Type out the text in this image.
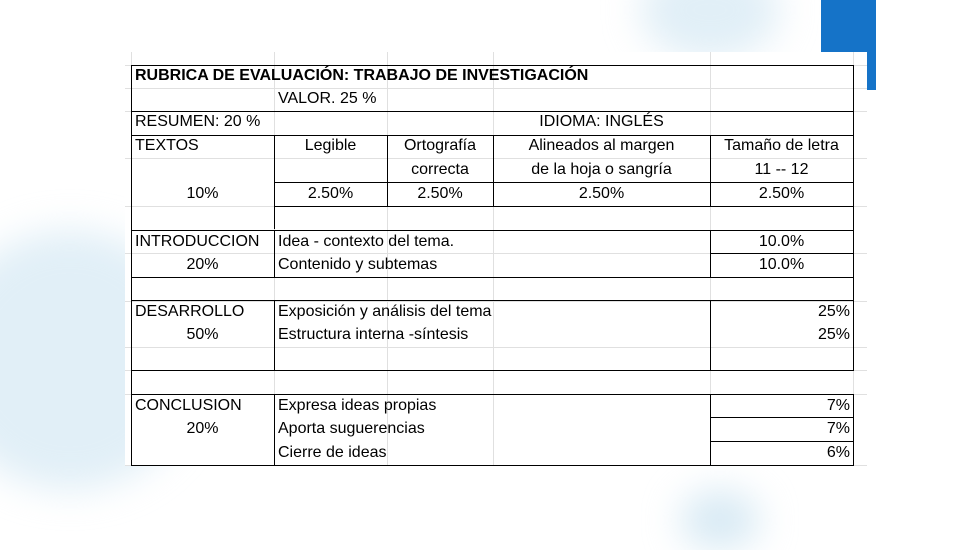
RUBRICA DE EVALUACIÓN: TRABAJO DE INVESTIGACIÓN
VALOR. 25 %
RESUMEN: 20 %	IDIOMA: INGLÉS
TEXTOS
10%
Legible
2.50%
Ortografía
correcta
2.50%
Alineados al margen
de la hoja o sangría
2.50%
Tamaño de letra
11 -- 12
2.50%
INTRODUCCION
20%
Idea - contexto del tema.
Contenido y subtemas
10.0%
10.0%
DESARROLLO
50%
Exposición y análisis del tema
Estructura interna -síntesis
25%
25%
CONCLUSION
20%
Expresa ideas propias
Aporta suguerencias
Cierre de ideas
7%
7%
6%
